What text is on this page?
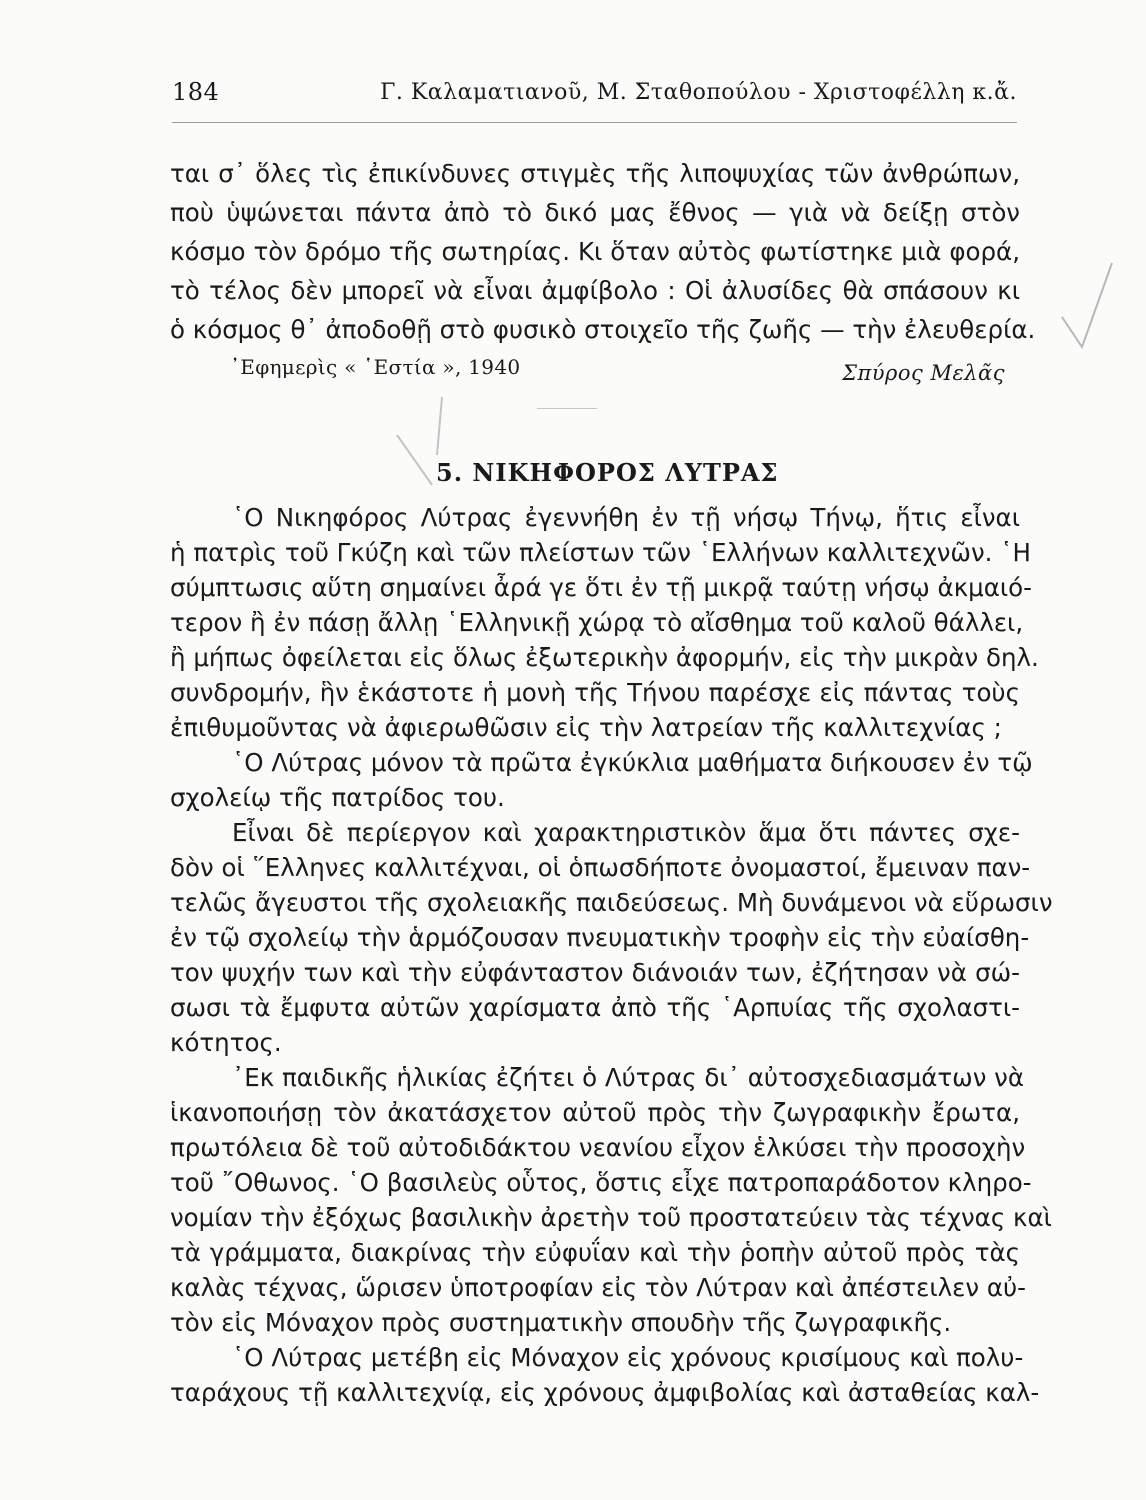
184	Γ. Καλαματιανοῦ, Μ. Σταθοπούλου - Χριστοφέλλη κ.ἄ.
ται σ᾽ ὅλες τὶς ἐπικίνδυνες στιγμὲς τῆς λιποψυχίας τῶν ἀνθρώπων,
ποὺ ὑψώνεται πάντα ἀπὸ τὸ δικό μας ἔθνος — γιὰ νὰ δείξῃ στὸν
κόσμο τὸν δρόμο τῆς σωτηρίας. Κι ὅταν αὐτὸς φωτίστηκε μιὰ φορά,
τὸ τέλος δὲν μπορεῖ νὰ εἶναι ἀμφίβολο : Οἱ ἀλυσίδες θὰ σπάσουν κι
ὁ κόσμος θ᾽ ἀποδοθῇ στὸ φυσικὸ στοιχεῖο τῆς ζωῆς — τὴν ἐλευθερία.
᾽Εφημερὶς « ῾Εστία », 1940	Σπύρος Μελᾶς
5. ΝΙΚΗΦΟΡΟΣ ΛΥΤΡΑΣ
῾Ο Νικηφόρος Λύτρας ἐγεννήθη ἐν τῇ νήσῳ Τήνῳ, ἥτις εἶναι
ἡ πατρὶς τοῦ Γκύζη καὶ τῶν πλείστων τῶν ῾Ελλήνων καλλιτεχνῶν. ῾Η
σύμπτωσις αὕτη σημαίνει ἆρά γε ὅτι ἐν τῇ μικρᾷ ταύτῃ νήσῳ ἀκμαιό-
τερον ἢ ἐν πάσῃ ἄλλῃ ῾Ελληνικῇ χώρᾳ τὸ αἴσθημα τοῦ καλοῦ θάλλει,
ἢ μήπως ὀφείλεται εἰς ὅλως ἐξωτερικὴν ἀφορμήν, εἰς τὴν μικρὰν δηλ.
συνδρομήν, ἣν ἑκάστοτε ἡ μονὴ τῆς Τήνου παρέσχε εἰς πάντας τοὺς
ἐπιθυμοῦντας νὰ ἀφιερωθῶσιν εἰς τὴν λατρείαν τῆς καλλιτεχνίας ;
῾Ο Λύτρας μόνον τὰ πρῶτα ἐγκύκλια μαθήματα διήκουσεν ἐν τῷ
σχολείῳ τῆς πατρίδος του.
Εἶναι δὲ περίεργον καὶ χαρακτηριστικὸν ἅμα ὅτι πάντες σχε-
δὸν οἱ ῞Ελληνες καλλιτέχναι, οἱ ὁπωσδήποτε ὀνομαστοί, ἔμειναν παν-
τελῶς ἄγευστοι τῆς σχολειακῆς παιδεύσεως. Μὴ δυνάμενοι νὰ εὕρωσιν
ἐν τῷ σχολείῳ τὴν ἁρμόζουσαν πνευματικὴν τροφὴν εἰς τὴν εὐαίσθη-
τον ψυχήν των καὶ τὴν εὐφάνταστον διάνοιάν των, ἐζήτησαν νὰ σώ-
σωσι τὰ ἔμφυτα αὐτῶν χαρίσματα ἀπὸ τῆς ῾Αρπυίας τῆς σχολαστι-
κότητος.
᾽Εκ παιδικῆς ἡλικίας ἐζήτει ὁ Λύτρας δι᾽ αὐτοσχεδιασμάτων νὰ
ἱκανοποιήσῃ τὸν ἀκατάσχετον αὐτοῦ πρὸς τὴν ζωγραφικὴν ἔρωτα,
πρωτόλεια δὲ τοῦ αὐτοδιδάκτου νεανίου εἶχον ἑλκύσει τὴν προσοχὴν
τοῦ ῎Οθωνος. ῾Ο βασιλεὺς οὗτος, ὅστις εἶχε πατροπαράδοτον κληρο-
νομίαν τὴν ἐξόχως βασιλικὴν ἀρετὴν τοῦ προστατεύειν τὰς τέχνας καὶ
τὰ γράμματα, διακρίνας τὴν εὐφυΐαν καὶ τὴν ῥοπὴν αὐτοῦ πρὸς τὰς
καλὰς τέχνας, ὥρισεν ὑποτροφίαν εἰς τὸν Λύτραν καὶ ἀπέστειλεν αὐ-
τὸν εἰς Μόναχον πρὸς συστηματικὴν σπουδὴν τῆς ζωγραφικῆς.
῾Ο Λύτρας μετέβη εἰς Μόναχον εἰς χρόνους κρισίμους καὶ πολυ-
ταράχους τῇ καλλιτεχνίᾳ, εἰς χρόνους ἀμφιβολίας καὶ ἀσταθείας καλ-
